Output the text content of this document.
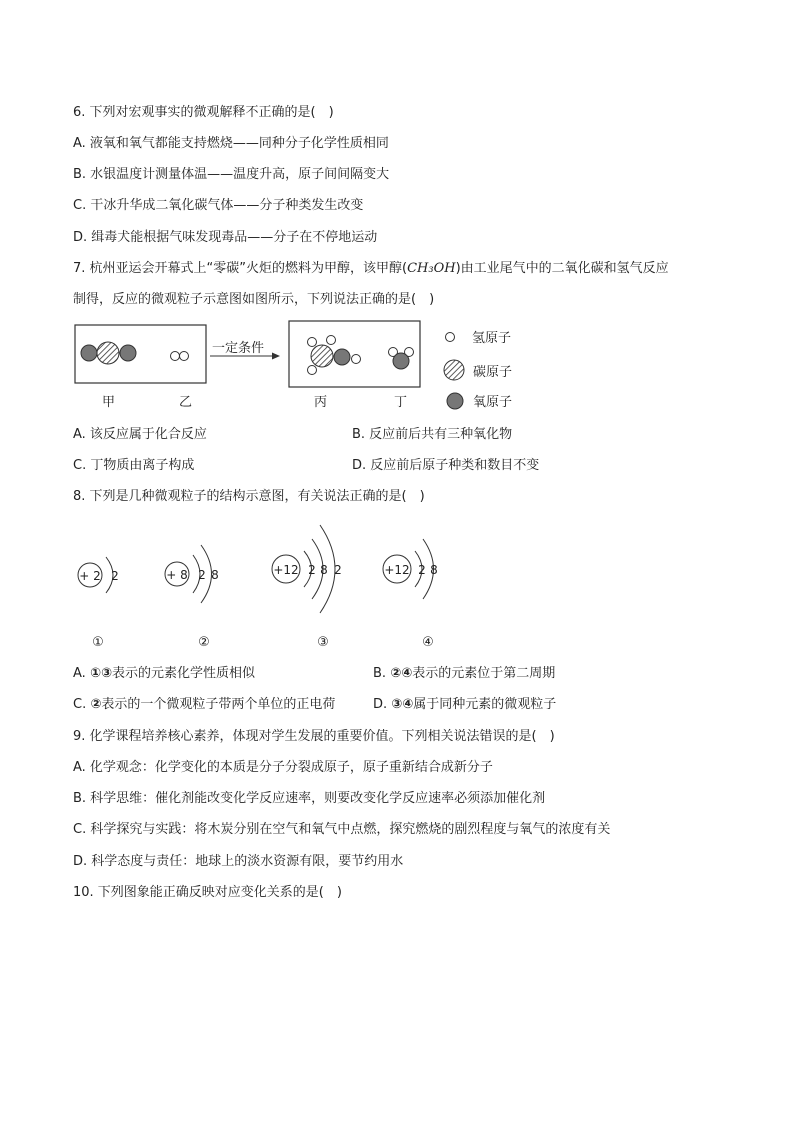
6. 下列对宏观事实的微观解释不正确的是(　)
A. 液氧和氧气都能支持燃烧——同种分子化学性质相同
B. 水银温度计测量体温——温度升高，原子间间隔变大
C. 干冰升华成二氧化碳气体——分子种类发生改变
D. 缉毒犬能根据气味发现毒品——分子在不停地运动
7. 杭州亚运会开幕式上“零碳”火炬的燃料为甲醇，该甲醇(CH₃OH)由工业尾气中的二氧化碳和氢气反应
制得，反应的微观粒子示意图如图所示，下列说法正确的是(　)
一定条件
甲	乙	丙	丁
氢原子
碳原子
氧原子
A. 该反应属于化合反应	B. 反应前后共有三种氧化物
C. 丁物质由离子构成	D. 反应前后原子种类和数目不变
8. 下列是几种微观粒子的结构示意图，有关说法正确的是(　)
+ 2 2
①
+ 8 2 8
②
+12 2 8 2
③
+12 2 8
④
A. ①③表示的元素化学性质相似	B. ②④表示的元素位于第二周期
C. ②表示的一个微观粒子带两个单位的正电荷	D. ③④属于同种元素的微观粒子
9. 化学课程培养核心素养，体现对学生发展的重要价值。下列相关说法错误的是(　)
A. 化学观念：化学变化的本质是分子分裂成原子，原子重新结合成新分子
B. 科学思维：催化剂能改变化学反应速率，则要改变化学反应速率必须添加催化剂
C. 科学探究与实践：将木炭分别在空气和氧气中点燃，探究燃烧的剧烈程度与氧气的浓度有关
D. 科学态度与责任：地球上的淡水资源有限，要节约用水
10. 下列图象能正确反映对应变化关系的是(　)
